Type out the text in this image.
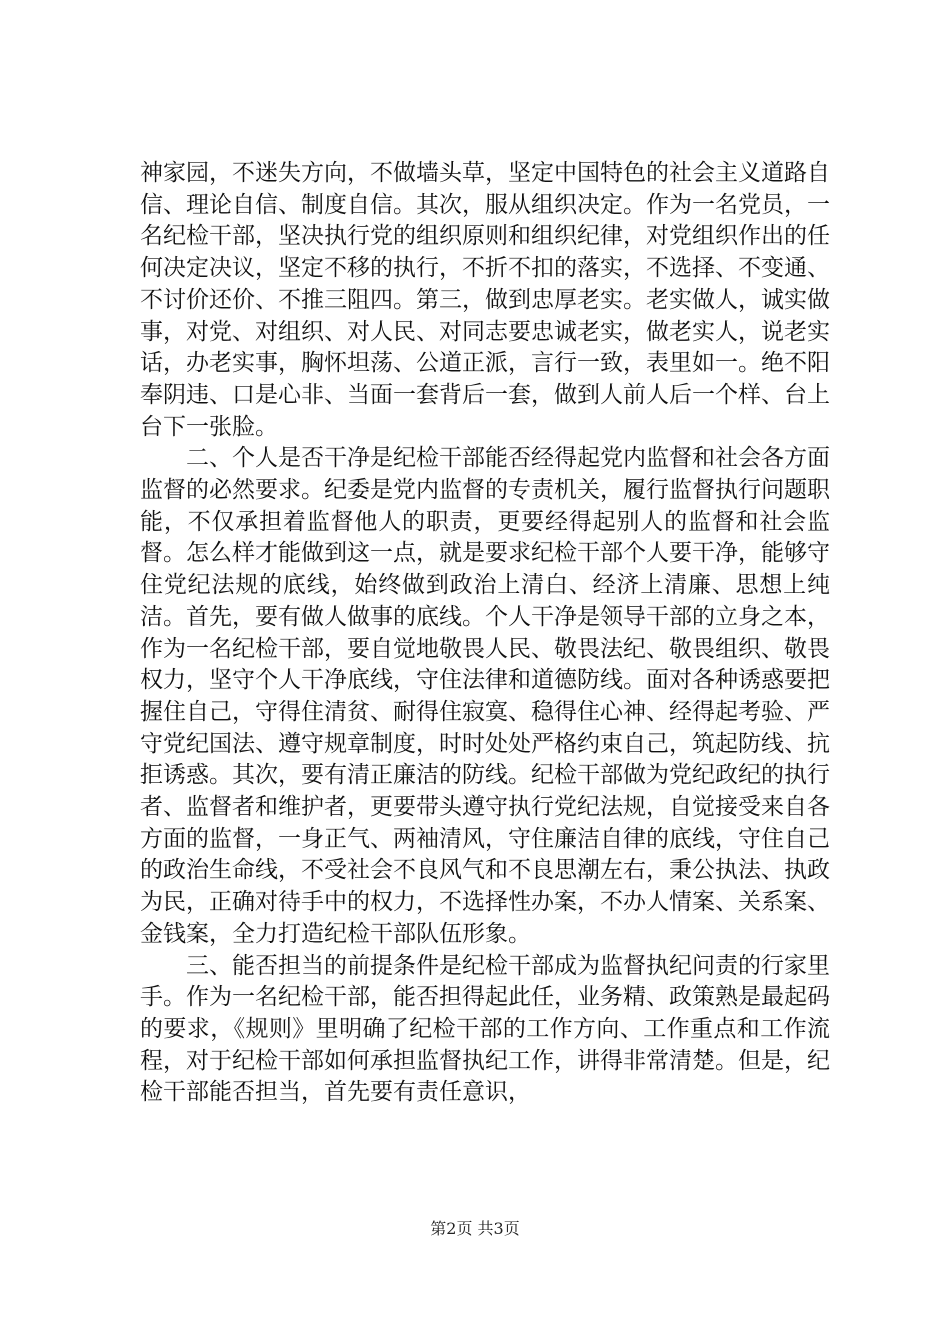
神家园，不迷失方向，不做墙头草，坚定中国特色的社会主义道路自信、理论自信、制度自信。其次，服从组织决定。作为一名党员，一名纪检干部，坚决执行党的组织原则和组织纪律，对党组织作出的任何决定决议，坚定不移的执行，不折不扣的落实，不选择、不变通、不讨价还价、不推三阻四。第三，做到忠厚老实。老实做人，诚实做事，对党、对组织、对人民、对同志要忠诚老实，做老实人，说老实话，办老实事，胸怀坦荡、公道正派，言行一致，表里如一。绝不阳奉阴违、口是心非、当面一套背后一套，做到人前人后一个样、台上台下一张脸。

二、个人是否干净是纪检干部能否经得起党内监督和社会各方面监督的必然要求。纪委是党内监督的专责机关，履行监督执行问题职能，不仅承担着监督他人的职责，更要经得起别人的监督和社会监督。怎么样才能做到这一点，就是要求纪检干部个人要干净，能够守住党纪法规的底线，始终做到政治上清白、经济上清廉、思想上纯洁。首先，要有做人做事的底线。个人干净是领导干部的立身之本，作为一名纪检干部，要自觉地敬畏人民、敬畏法纪、敬畏组织、敬畏权力，坚守个人干净底线，守住法律和道德防线。面对各种诱惑要把握住自己，守得住清贫、耐得住寂寞、稳得住心神、经得起考验、严守党纪国法、遵守规章制度，时时处处严格约束自己，筑起防线、抗拒诱惑。其次，要有清正廉洁的防线。纪检干部做为党纪政纪的执行者、监督者和维护者，更要带头遵守执行党纪法规，自觉接受来自各方面的监督，一身正气、两袖清风，守住廉洁自律的底线，守住自己的政治生命线，不受社会不良风气和不良思潮左右，秉公执法、执政为民，正确对待手中的权力，不选择性办案，不办人情案、关系案、金钱案，全力打造纪检干部队伍形象。

三、能否担当的前提条件是纪检干部成为监督执纪问责的行家里手。作为一名纪检干部，能否担得起此任，业务精、政策熟是最起码的要求，《规则》里明确了纪检干部的工作方向、工作重点和工作流程，对于纪检干部如何承担监督执纪工作，讲得非常清楚。但是，纪检干部能否担当，首先要有责任意识，

第2页 共3页
